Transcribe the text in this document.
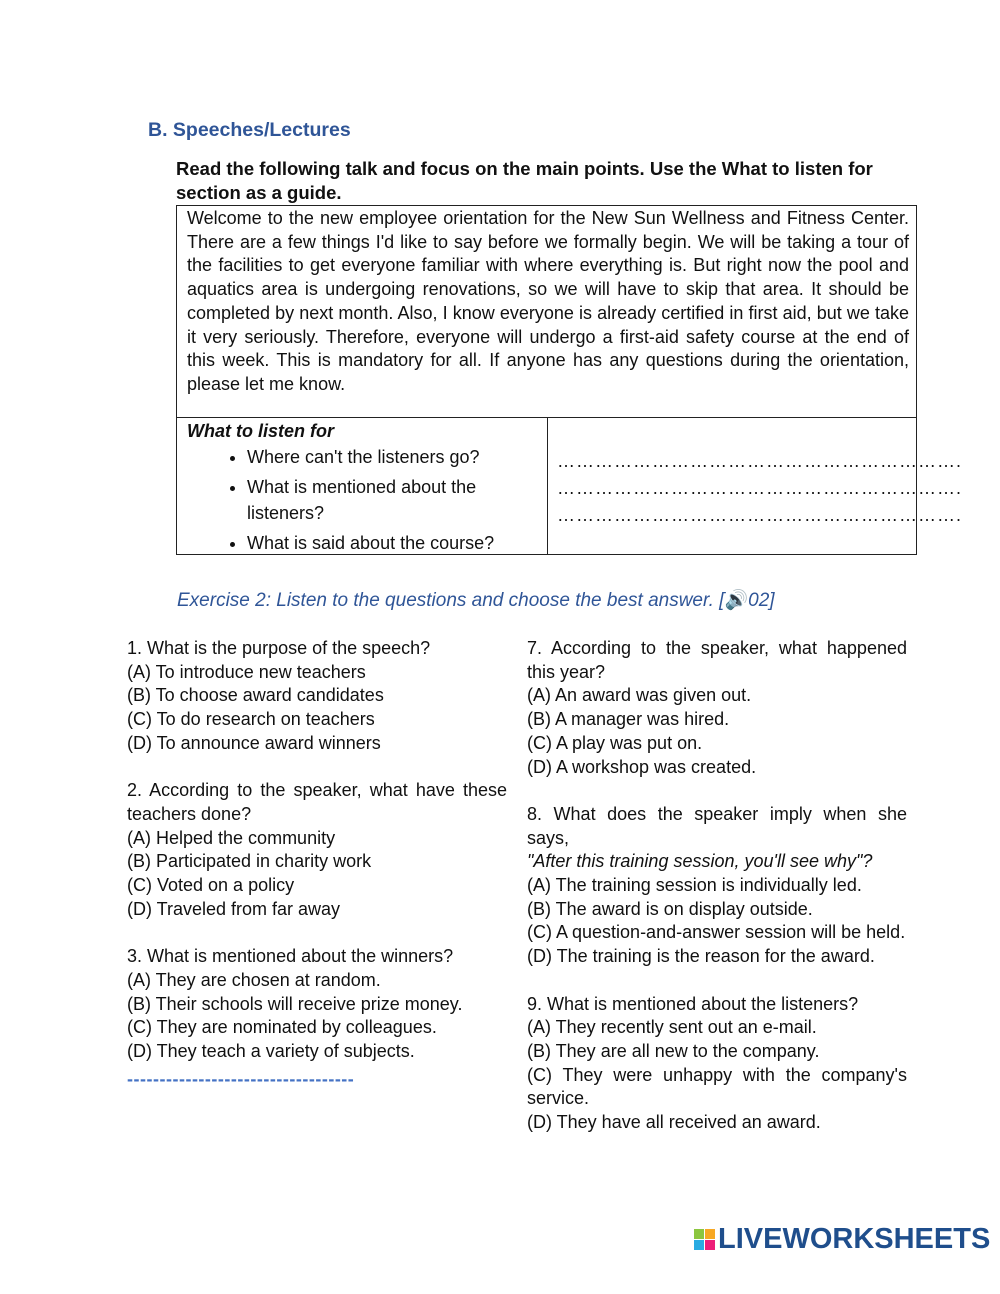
B. Speeches/Lectures
Read the following talk and focus on the main points. Use the What to listen for section as a guide.
Welcome to the new employee orientation for the New Sun Wellness and Fitness Center. There are a few things I'd like to say before we formally begin. We will be taking a tour of the facilities to get everyone familiar with where everything is. But right now the pool and aquatics area is undergoing renovations, so we will have to skip that area. It should be completed by next month. Also, I know everyone is already certified in first aid, but we take it very seriously. Therefore, everyone will undergo a first-aid safety course at the end of this week. This is mandatory for all. If anyone has any questions during the orientation, please let me know.
What to listen for
• Where can't the listeners go?
• What is mentioned about the listeners?
• What is said about the course?
……………………………………………………….
……………………………………………………….
……………………………………………………….
Exercise 2: Listen to the questions and choose the best answer. [🔊02]

1. What is the purpose of the speech?
(A) To introduce new teachers
(B) To choose award candidates
(C) To do research on teachers
(D) To announce award winners

2. According to the speaker, what have these teachers done?
(A) Helped the community
(B) Participated in charity work
(C) Voted on a policy
(D) Traveled from far away

3. What is mentioned about the winners?
(A) They are chosen at random.
(B) Their schools will receive prize money.
(C) They are nominated by colleagues.
(D) They teach a variety of subjects.

-----------------------------------

7. According to the speaker, what happened this year?
(A) An award was given out.
(B) A manager was hired.
(C) A play was put on.
(D) A workshop was created.

8. What does the speaker imply when she says,
"After this training session, you'll see why"?
(A) The training session is individually led.
(B) The award is on display outside.
(C) A question-and-answer session will be held.
(D) The training is the reason for the award.

9. What is mentioned about the listeners?
(A) They recently sent out an e-mail.
(B) They are all new to the company.
(C) They were unhappy with the company's service.
(D) They have all received an award.

LIVEWORKSHEETS
